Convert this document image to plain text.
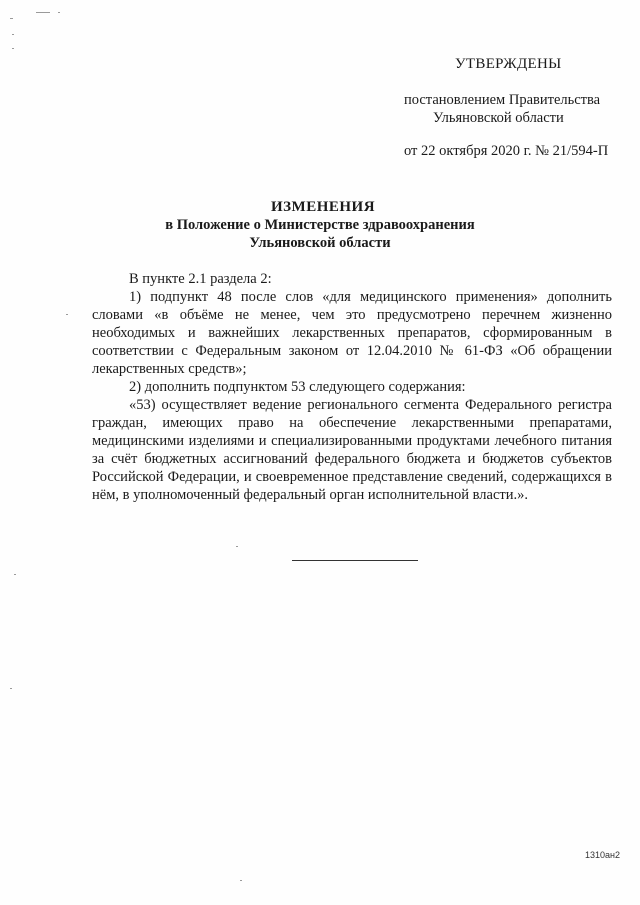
УТВЕРЖДЕНЫ
постановлением Правительства
Ульяновской области
от 22 октября 2020 г. № 21/594-П
ИЗМЕНЕНИЯ
в Положение о Министерстве здравоохранения
Ульяновской области

В пункте 2.1 раздела 2:

1) подпункт 48 после слов «для медицинского применения» дополнить словами «в объёме не менее, чем это предусмотрено перечнем жизненно необходимых и важнейших лекарственных препаратов, сформированным в соответствии с Федеральным законом от 12.04.2010 № 61-ФЗ «Об обращении лекарственных средств»;

2) дополнить подпунктом 53 следующего содержания:

«53) осуществляет ведение регионального сегмента Федерального регистра граждан, имеющих право на обеспечение лекарственными препаратами, медицинскими изделиями и специализированными продуктами лечебного питания за счёт бюджетных ассигнований федерального бюджета и бюджетов субъектов Российской Федерации, и своевременное представление сведений, содержащихся в нём, в уполномоченный федеральный орган исполнительной власти.».

1310ан2
